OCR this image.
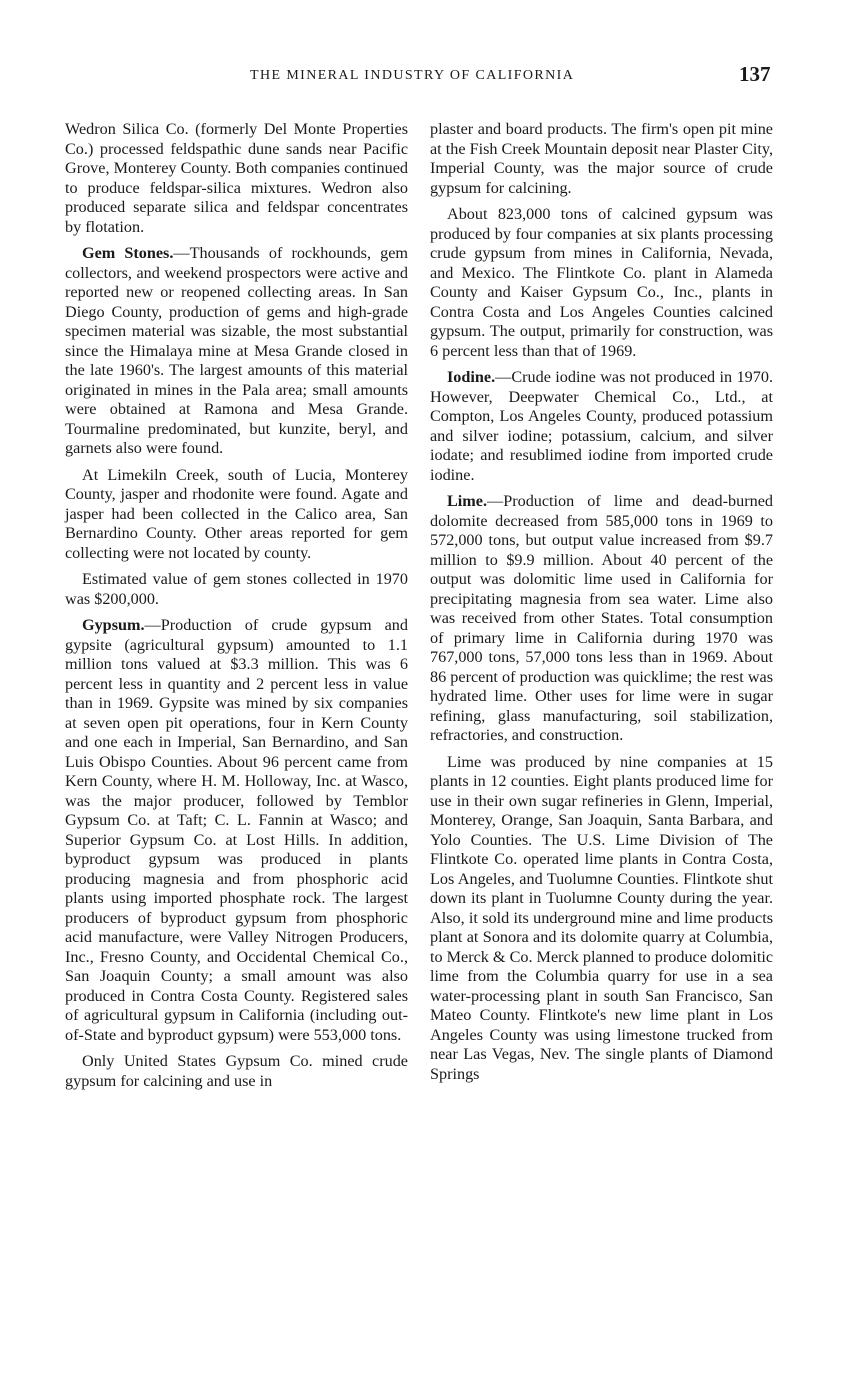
THE MINERAL INDUSTRY OF CALIFORNIA	137

Wedron Silica Co. (formerly Del Monte Properties Co.) processed feldspathic dune sands near Pacific Grove, Monterey County. Both companies continued to produce feldspar-silica mixtures. Wedron also produced separate silica and feldspar concentrates by flotation.

Gem Stones.—Thousands of rockhounds, gem collectors, and weekend prospectors were active and reported new or reopened collecting areas. In San Diego County, production of gems and high-grade specimen material was sizable, the most substantial since the Himalaya mine at Mesa Grande closed in the late 1960's. The largest amounts of this material originated in mines in the Pala area; small amounts were obtained at Ramona and Mesa Grande. Tourmaline predominated, but kunzite, beryl, and garnets also were found.

At Limekiln Creek, south of Lucia, Monterey County, jasper and rhodonite were found. Agate and jasper had been collected in the Calico area, San Bernardino County. Other areas reported for gem collecting were not located by county.

Estimated value of gem stones collected in 1970 was $200,000.

Gypsum.—Production of crude gypsum and gypsite (agricultural gypsum) amounted to 1.1 million tons valued at $3.3 million. This was 6 percent less in quantity and 2 percent less in value than in 1969. Gypsite was mined by six companies at seven open pit operations, four in Kern County and one each in Imperial, San Bernardino, and San Luis Obispo Counties. About 96 percent came from Kern County, where H. M. Holloway, Inc. at Wasco, was the major producer, followed by Temblor Gypsum Co. at Taft; C. L. Fannin at Wasco; and Superior Gypsum Co. at Lost Hills. In addition, byproduct gypsum was produced in plants producing magnesia and from phosphoric acid plants using imported phosphate rock. The largest producers of byproduct gypsum from phosphoric acid manufacture, were Valley Nitrogen Producers, Inc., Fresno County, and Occidental Chemical Co., San Joaquin County; a small amount was also produced in Contra Costa County. Registered sales of agricultural gypsum in California (including out-of-State and byproduct gypsum) were 553,000 tons.

Only United States Gypsum Co. mined crude gypsum for calcining and use in

plaster and board products. The firm's open pit mine at the Fish Creek Mountain deposit near Plaster City, Imperial County, was the major source of crude gypsum for calcining.

About 823,000 tons of calcined gypsum was produced by four companies at six plants processing crude gypsum from mines in California, Nevada, and Mexico. The Flintkote Co. plant in Alameda County and Kaiser Gypsum Co., Inc., plants in Contra Costa and Los Angeles Counties calcined gypsum. The output, primarily for construction, was 6 percent less than that of 1969.

Iodine.—Crude iodine was not produced in 1970. However, Deepwater Chemical Co., Ltd., at Compton, Los Angeles County, produced potassium and silver iodine; potassium, calcium, and silver iodate; and resublimed iodine from imported crude iodine.

Lime.—Production of lime and dead-burned dolomite decreased from 585,000 tons in 1969 to 572,000 tons, but output value increased from $9.7 million to $9.9 million. About 40 percent of the output was dolomitic lime used in California for precipitating magnesia from sea water. Lime also was received from other States. Total consumption of primary lime in California during 1970 was 767,000 tons, 57,000 tons less than in 1969. About 86 percent of production was quicklime; the rest was hydrated lime. Other uses for lime were in sugar refining, glass manufacturing, soil stabilization, refractories, and construction.

Lime was produced by nine companies at 15 plants in 12 counties. Eight plants produced lime for use in their own sugar refineries in Glenn, Imperial, Monterey, Orange, San Joaquin, Santa Barbara, and Yolo Counties. The U.S. Lime Division of The Flintkote Co. operated lime plants in Contra Costa, Los Angeles, and Tuolumne Counties. Flintkote shut down its plant in Tuolumne County during the year. Also, it sold its underground mine and lime products plant at Sonora and its dolomite quarry at Columbia, to Merck & Co. Merck planned to produce dolomitic lime from the Columbia quarry for use in a sea water-processing plant in south San Francisco, San Mateo County. Flintkote's new lime plant in Los Angeles County was using limestone trucked from near Las Vegas, Nev. The single plants of Diamond Springs
